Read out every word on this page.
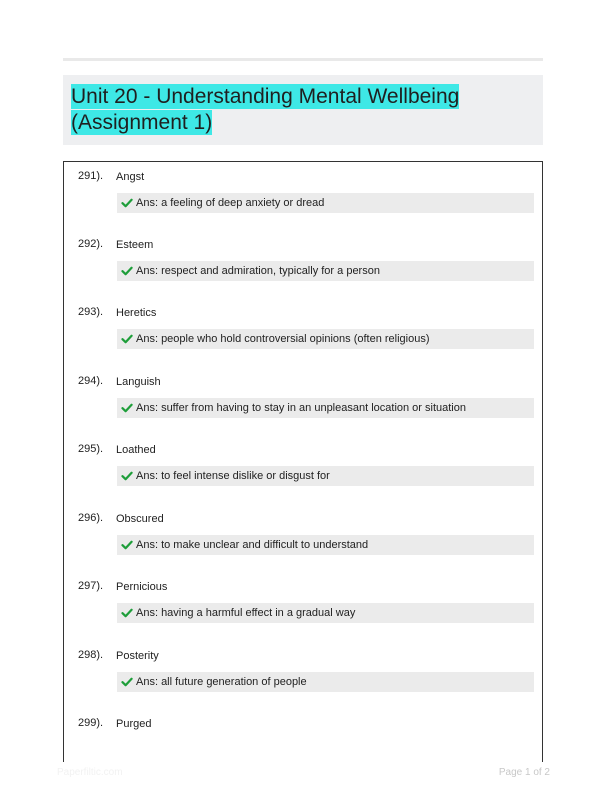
Unit 20 - Understanding Mental Wellbeing (Assignment 1)
291). Angst
Ans: a feeling of deep anxiety or dread
292). Esteem
Ans: respect and admiration, typically for a person
293). Heretics
Ans: people who hold controversial opinions (often religious)
294). Languish
Ans: suffer from having to stay in an unpleasant location or situation
295). Loathed
Ans: to feel intense dislike or disgust for
296). Obscured
Ans: to make unclear and difficult to understand
297). Pernicious
Ans: having a harmful effect in a gradual way
298). Posterity
Ans: all future generation of people
299). Purged
Paperfiltic.com	Page 1 of 2
